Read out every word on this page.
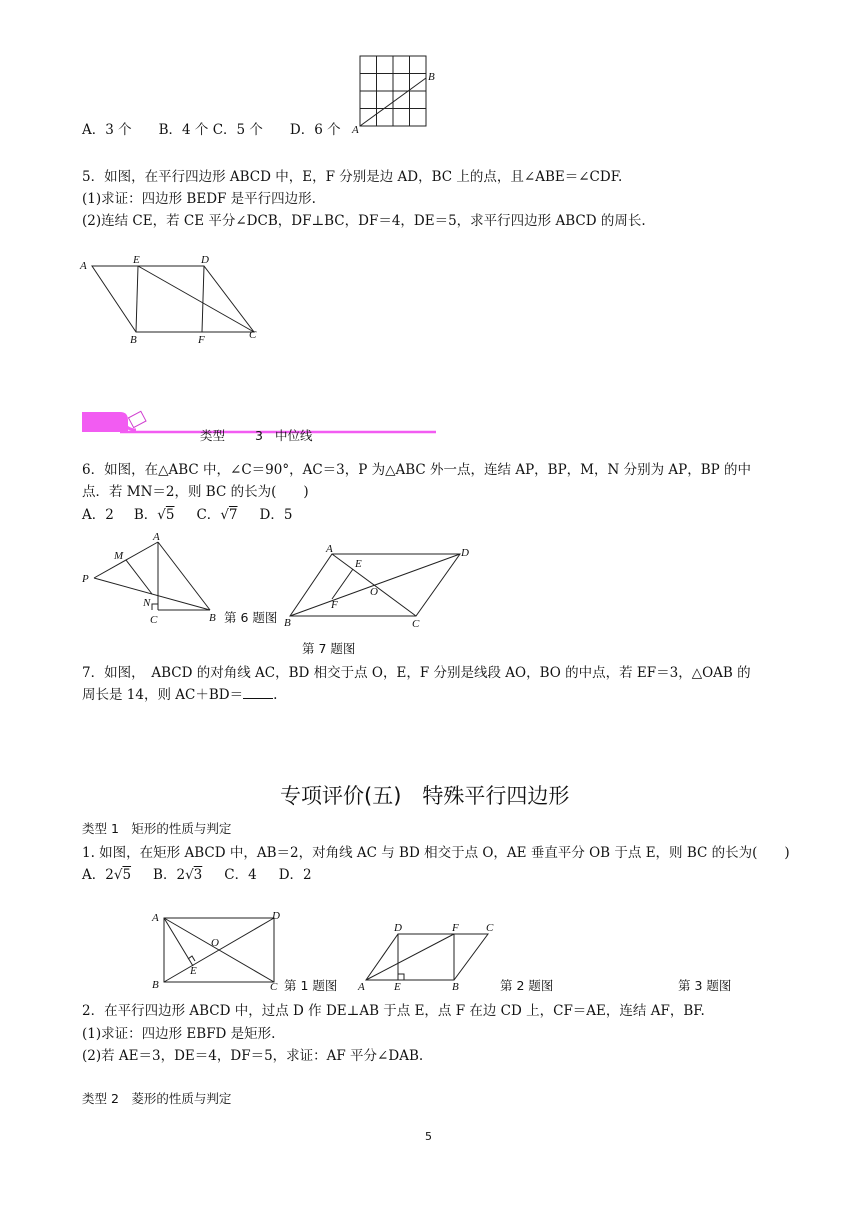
B
A
A．3 个　　B．4 个 C．5 个　　D．6 个
5．如图，在平行四边形 ABCD 中，E，F 分别是边 AD，BC 上的点，且∠ABE＝∠CDF.
(1)求证：四边形 BEDF 是平行四边形.
(2)连结 CE，若 CE 平分∠DCB，DF⊥BC，DF＝4，DE＝5，求平行四边形 ABCD 的周长.
A	E	D
B	F	C
类型 3 中位线
6．如图，在△ABC 中，∠C＝90°，AC＝3，P 为△ABC 外一点，连结 AP，BP，M，N 分别为 AP，BP 的中
点．若 MN＝2，则 BC 的长为(　　)
A．2 B．√5 C．√7 D．5
A
M
P
N
C	B 第 6 题图
A	D
E
O
F
B	C
第 7 题图
7．如图，　ABCD 的对角线 AC，BD 相交于点 O，E，F 分别是线段 AO，BO 的中点，若 EF＝3，△OAB 的
周长是 14，则 AC＋BD＝ .
专项评价(五)　特殊平行四边形
类型 1　矩形的性质与判定
1. 如图，在矩形 ABCD 中，AB＝2，对角线 AC 与 BD 相交于点 O，AE 垂直平分 OB 于点 E，则 BC 的长为(　　)
A．2√5 B．2√3 C．4 D．2
A	D
O
E
B	C 第 1 题图
D	F C
A	E	B	第 2 题图	第 3 题图
2．在平行四边形 ABCD 中，过点 D 作 DE⊥AB 于点 E，点 F 在边 CD 上，CF＝AE，连结 AF，BF.
(1)求证：四边形 EBFD 是矩形.
(2)若 AE＝3，DE＝4，DF＝5，求证：AF 平分∠DAB.
类型 2　菱形的性质与判定
5
